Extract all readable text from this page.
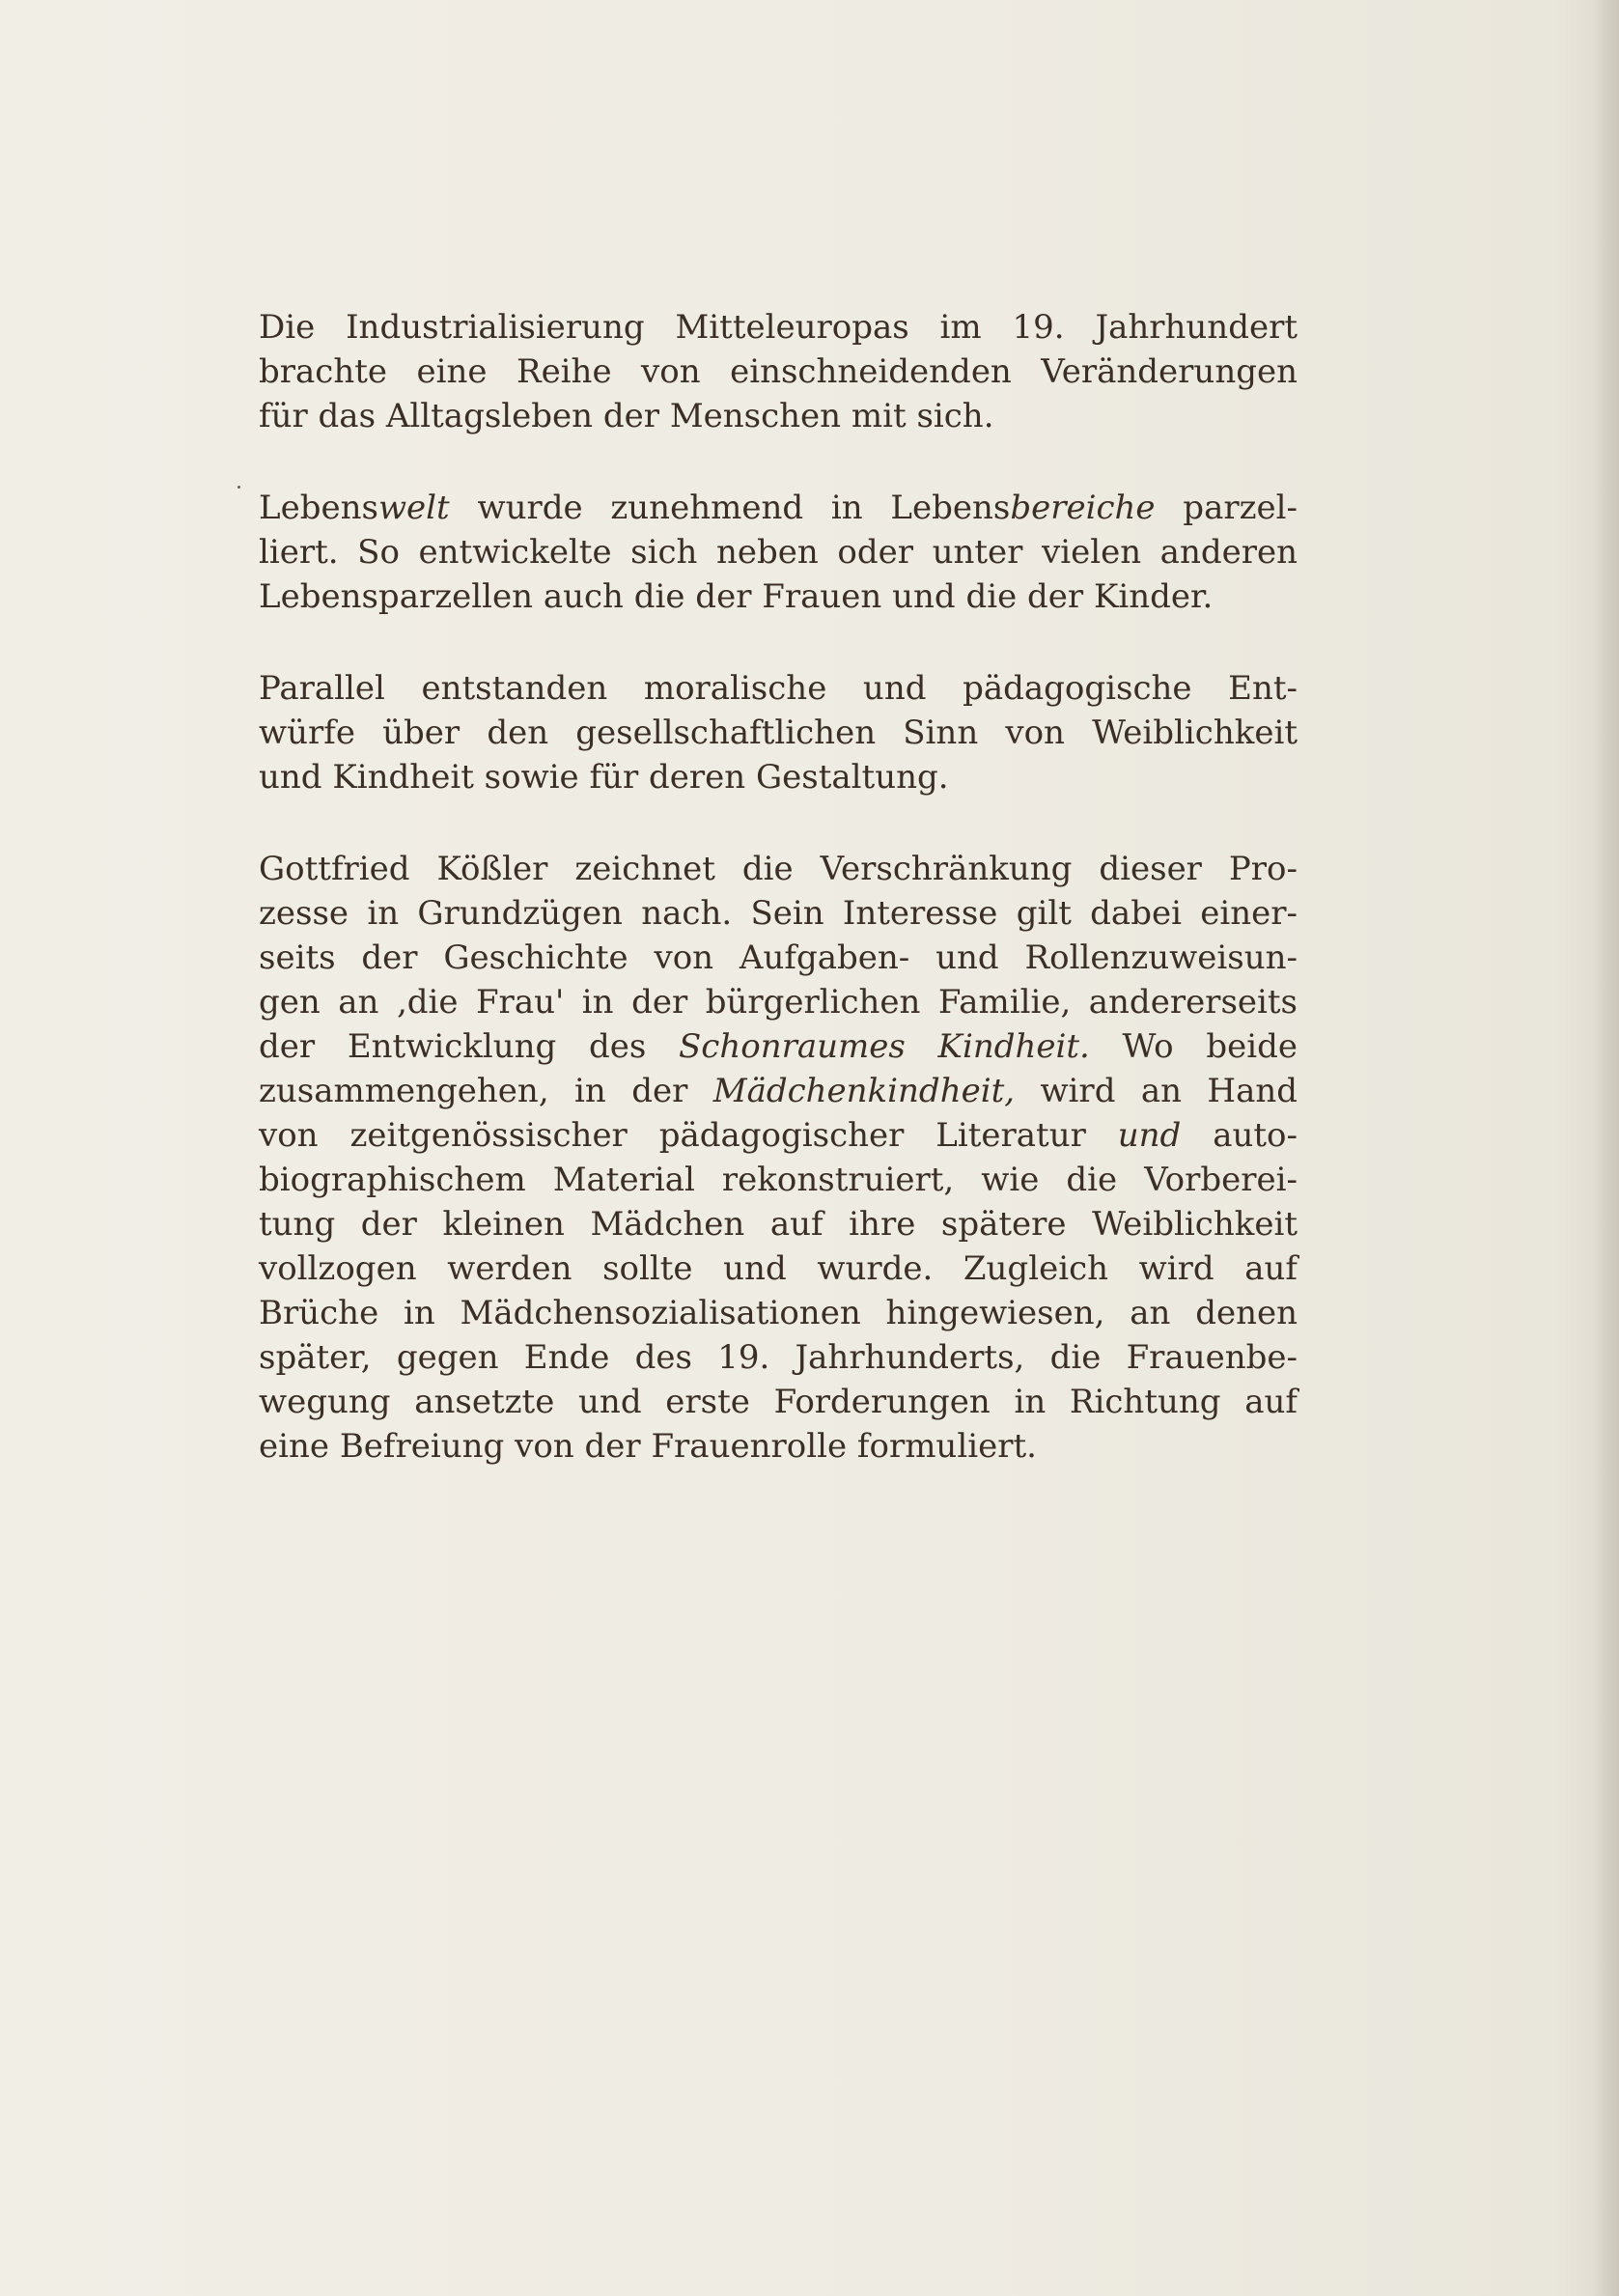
Die Industrialisierung Mitteleuropas im 19. Jahrhundert
brachte eine Reihe von einschneidenden Veränderungen
für das Alltagsleben der Menschen mit sich.
Lebenswelt wurde zunehmend in Lebensbereiche parzel-
liert. So entwickelte sich neben oder unter vielen anderen
Lebensparzellen auch die der Frauen und die der Kinder.
Parallel entstanden moralische und pädagogische Ent-
würfe über den gesellschaftlichen Sinn von Weiblichkeit
und Kindheit sowie für deren Gestaltung.
Gottfried Kößler zeichnet die Verschränkung dieser Pro-
zesse in Grundzügen nach. Sein Interesse gilt dabei einer-
seits der Geschichte von Aufgaben- und Rollenzuweisun-
gen an ‚die Frau' in der bürgerlichen Familie, andererseits
der Entwicklung des Schonraumes Kindheit. Wo beide
zusammengehen, in der Mädchenkindheit, wird an Hand
von zeitgenössischer pädagogischer Literatur und auto-
biographischem Material rekonstruiert, wie die Vorberei-
tung der kleinen Mädchen auf ihre spätere Weiblichkeit
vollzogen werden sollte und wurde. Zugleich wird auf
Brüche in Mädchensozialisationen hingewiesen, an denen
später, gegen Ende des 19. Jahrhunderts, die Frauenbe-
wegung ansetzte und erste Forderungen in Richtung auf
eine Befreiung von der Frauenrolle formuliert.
